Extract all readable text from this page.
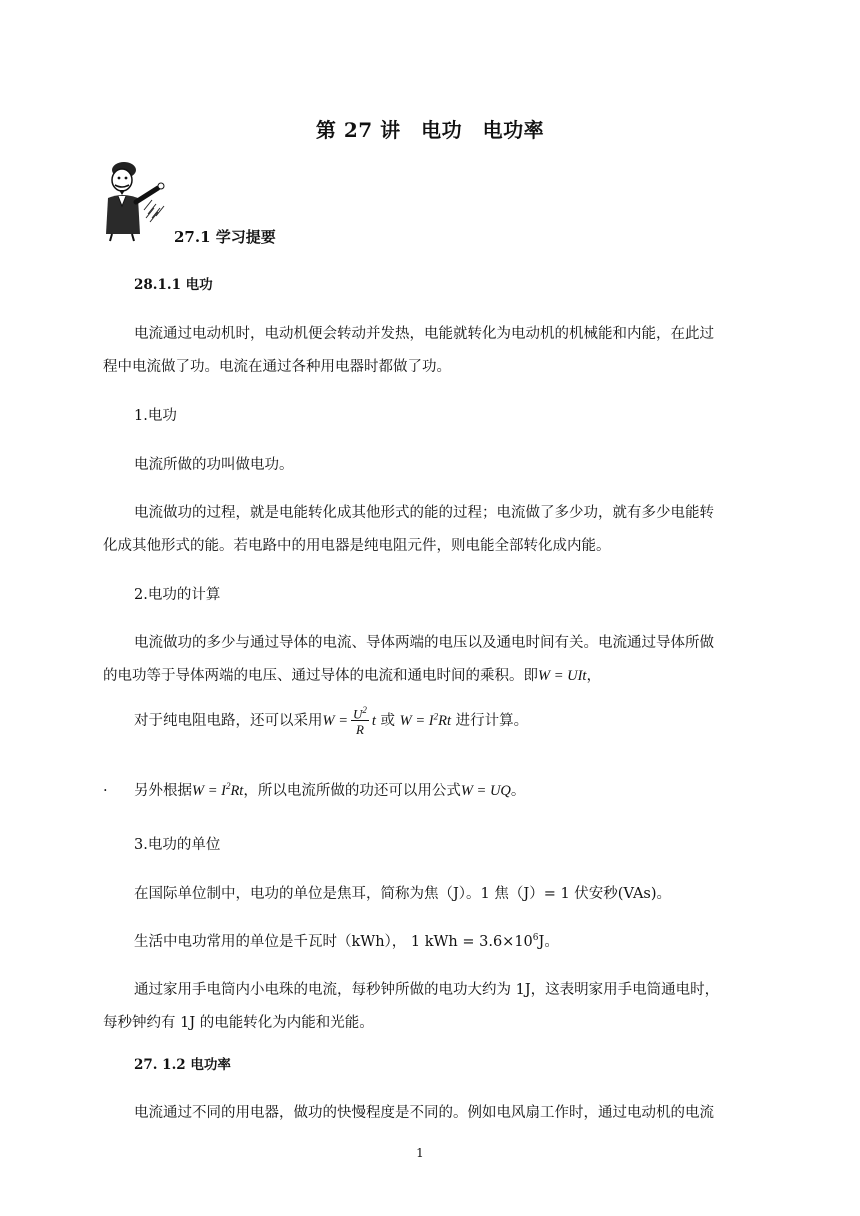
第 27 讲　电功　电功率
27.1 学习提要
28.1.1 电功
电流通过电动机时，电动机便会转动并发热，电能就转化为电动机的机械能和内能，在此过
程中电流做了功。电流在通过各种用电器时都做了功。
1.电功
电流所做的功叫做电功。
电流做功的过程，就是电能转化成其他形式的能的过程；电流做了多少功，就有多少电能转
化成其他形式的能。若电路中的用电器是纯电阻元件，则电能全部转化成内能。
2.电功的计算
电流做功的多少与通过导体的电流、导体两端的电压以及通电时间有关。电流通过导体所做
的电功等于导体两端的电压、通过导体的电流和通电时间的乘积。即W = UIt，
对于纯电阻电路，还可以采用$W = \frac{U^2}{R}$ t 或 $W = I^2Rt$ 进行计算。
. 另外根据$W = I^2Rt$，所以电流所做的功还可以用公式W = UQ。
3.电功的单位
在国际单位制中，电功的单位是焦耳，简称为焦（J）。1 焦（J）= 1 伏安秒(VAs)。
生活中电功常用的单位是千瓦时（kWh）， 1 kWh = $3.6\times 10^6J$。
通过家用手电筒内小电珠的电流，每秒钟所做的电功大约为 1J，这表明家用手电筒通电时，
每秒钟约有 1J 的电能转化为内能和光能。
27. 1.2 电功率
电流通过不同的用电器，做功的快慢程度是不同的。例如电风扇工作时，通过电动机的电流
1
